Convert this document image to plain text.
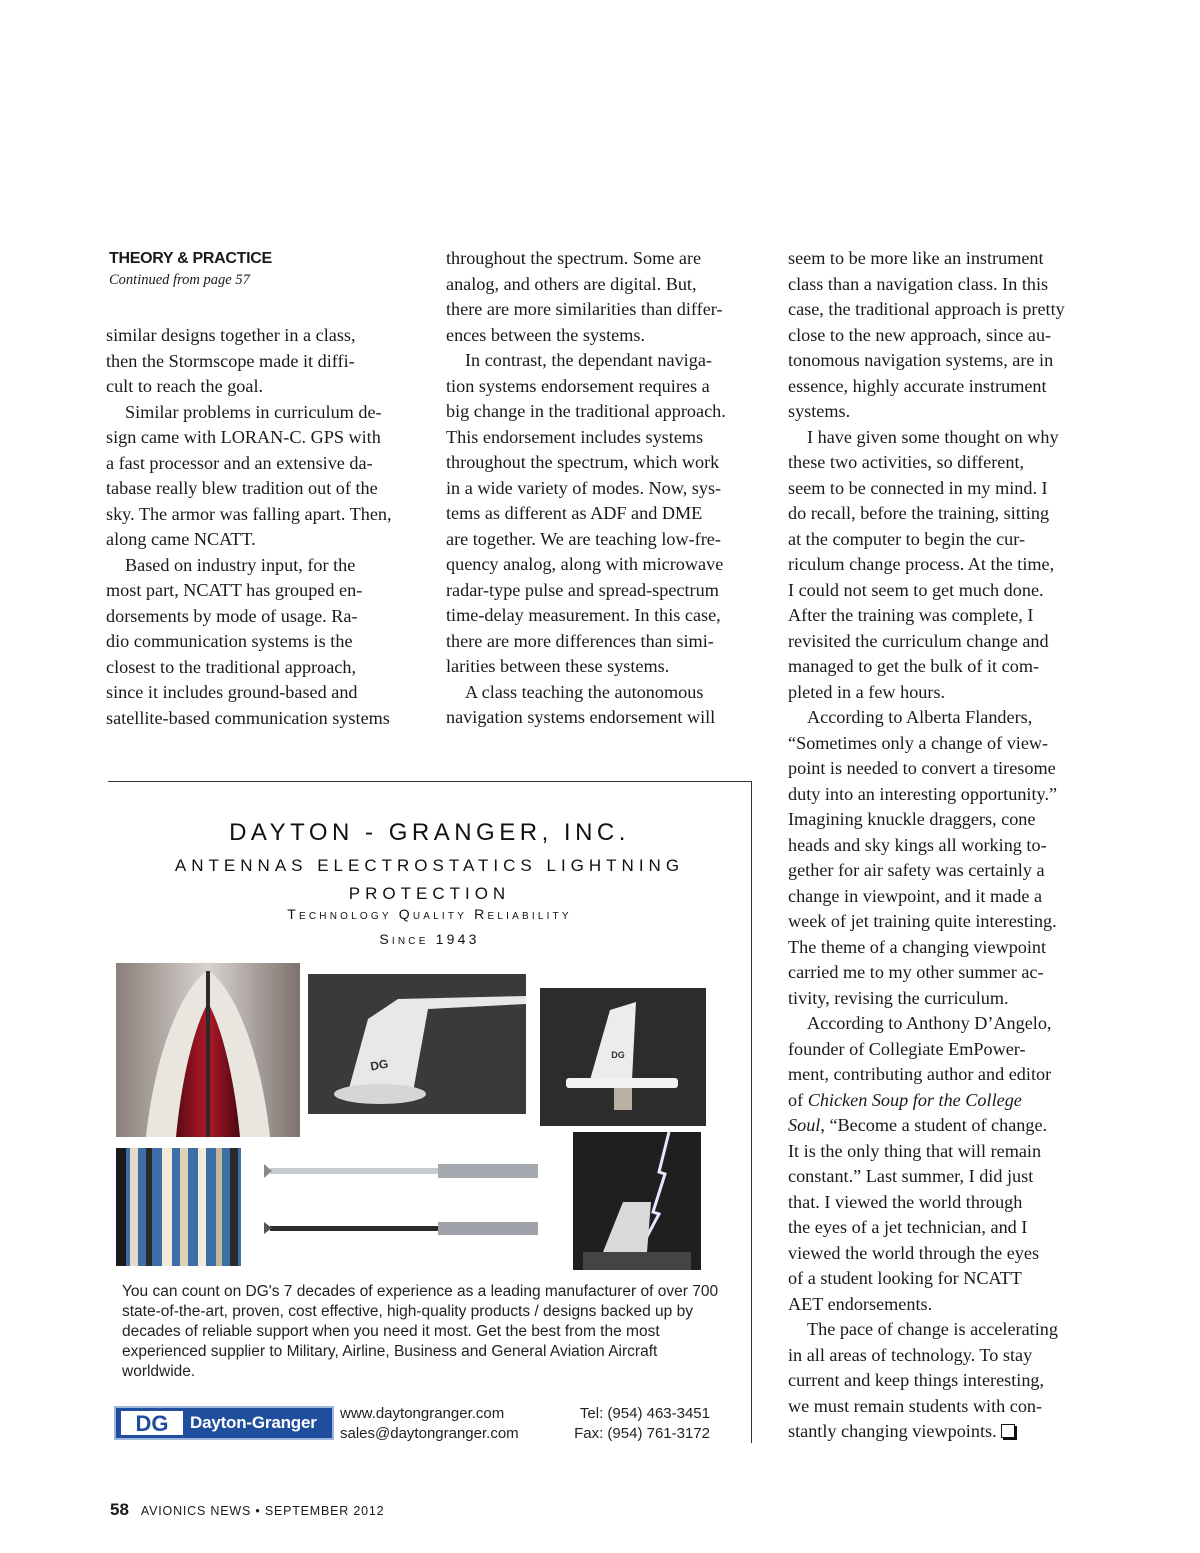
THEORY & PRACTICE
Continued from page 57

similar designs together in a class,
then the Stormscope made it diffi-
cult to reach the goal.

Similar problems in curriculum de-
sign came with LORAN-C. GPS with
a fast processor and an extensive da-
tabase really blew tradition out of the
sky. The armor was falling apart. Then,
along came NCATT.

Based on industry input, for the
most part, NCATT has grouped en-
dorsements by mode of usage. Ra-
dio communication systems is the
closest to the traditional approach,
since it includes ground-based and
satellite-based communication systems

throughout the spectrum. Some are
analog, and others are digital. But,
there are more similarities than differ-
ences between the systems.

In contrast, the dependant naviga-
tion systems endorsement requires a
big change in the traditional approach.
This endorsement includes systems
throughout the spectrum, which work
in a wide variety of modes. Now, sys-
tems as different as ADF and DME
are together. We are teaching low-fre-
quency analog, along with microwave
radar-type pulse and spread-spectrum
time-delay measurement. In this case,
there are more differences than simi-
larities between these systems.

A class teaching the autonomous
navigation systems endorsement will

seem to be more like an instrument
class than a navigation class. In this
case, the traditional approach is pretty
close to the new approach, since au-
tonomous navigation systems, are in
essence, highly accurate instrument
systems.

I have given some thought on why
these two activities, so different,
seem to be connected in my mind. I
do recall, before the training, sitting
at the computer to begin the cur-
riculum change process. At the time,
I could not seem to get much done.
After the training was complete, I
revisited the curriculum change and
managed to get the bulk of it com-
pleted in a few hours.

According to Alberta Flanders,
“Sometimes only a change of view-
point is needed to convert a tiresome
duty into an interesting opportunity.”
Imagining knuckle draggers, cone
heads and sky kings all working to-
gether for air safety was certainly a
change in viewpoint, and it made a
week of jet training quite interesting.
The theme of a changing viewpoint
carried me to my other summer ac-
tivity, revising the curriculum.

According to Anthony D’Angelo,
founder of Collegiate EmPower-
ment, contributing author and editor

of Chicken Soup for the College
Soul, “Become a student of change.
It is the only thing that will remain
constant.” Last summer, I did just
that. I viewed the world through
the eyes of a jet technician, and I
viewed the world through the eyes
of a student looking for NCATT
AET endorsements.

The pace of change is accelerating
in all areas of technology. To stay
current and keep things interesting,
we must remain students with con-
stantly changing viewpoints.

DAYTON - GRANGER, INC.
ANTENNAS ELECTROSTATICS LIGHTNING
PROTECTION
Technology Quality Reliability
Since 1943
DG
DG
You can count on DG's 7 decades of experience as a leading manufacturer of over 700 state-of-the-art, proven, cost effective, high-quality products / designs backed up by decades of reliable support when you need it most. Get the best from the most experienced supplier to Military, Airline, Business and General Aviation Aircraft worldwide.
DG Dayton-Granger www.daytongranger.com	Tel: (954) 463-3451
sales@daytongranger.com	Fax: (954) 761-3172
58 AVIONICS NEWS • SEPTEMBER 2012
